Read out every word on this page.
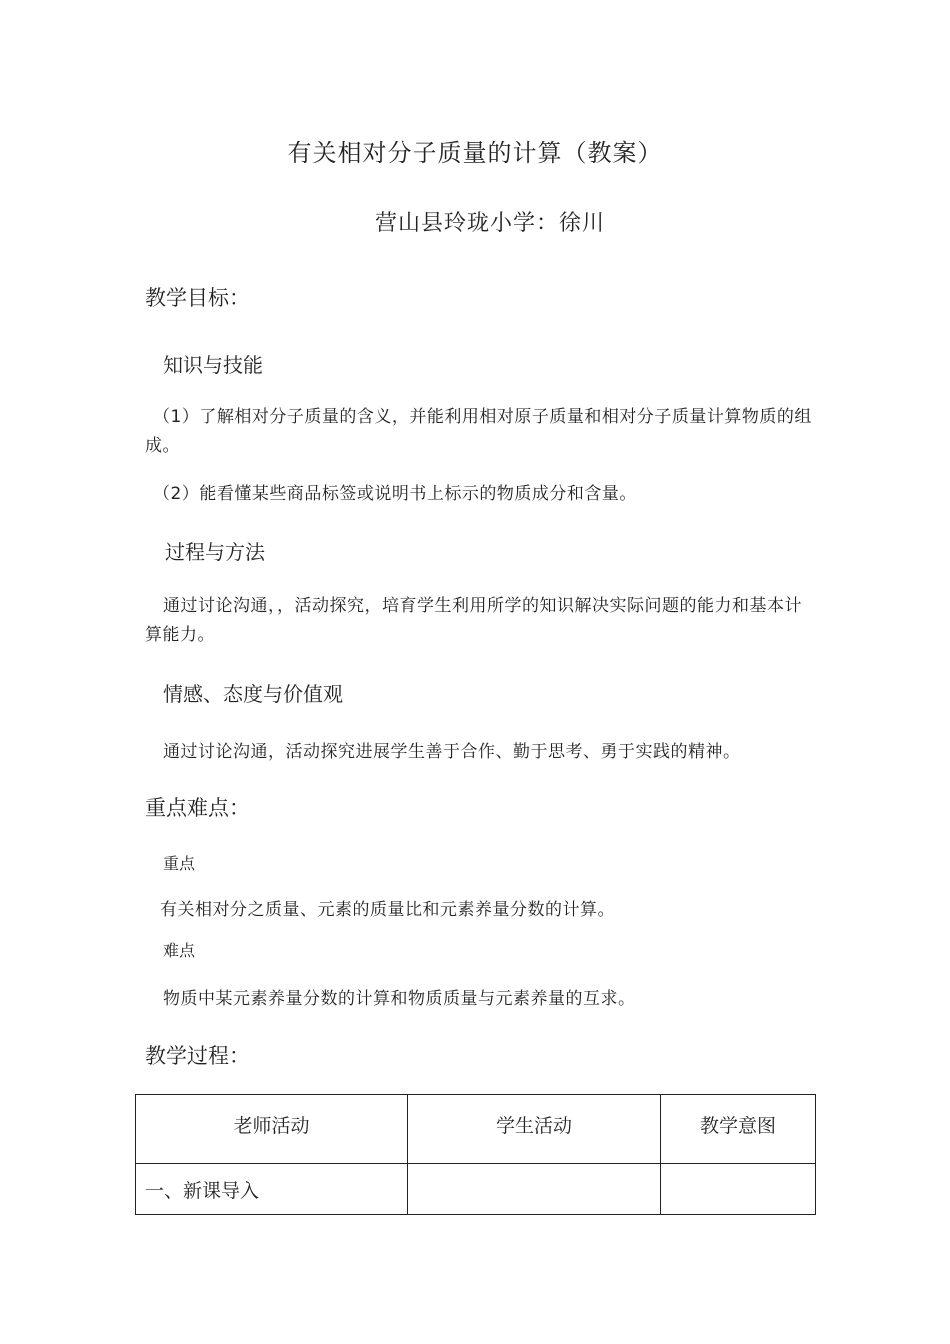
有关相对分子质量的计算（教案）
营山县玲珑小学：徐川
教学目标：
知识与技能
（1）了解相对分子质量的含义，并能利用相对原子质量和相对分子质量计算物质的组成。
（2）能看懂某些商品标签或说明书上标示的物质成分和含量。
过程与方法
通过讨论沟通，，活动探究，培育学生利用所学的知识解决实际问题的能力和基本计算能力。
情感、态度与价值观
通过讨论沟通，活动探究进展学生善于合作、勤于思考、勇于实践的精神。
重点难点：
重点
有关相对分之质量、元素的质量比和元素养量分数的计算。
难点
物质中某元素养量分数的计算和物质质量与元素养量的互求。
教学过程：
老师活动	学生活动	教学意图
一、新课导入		
